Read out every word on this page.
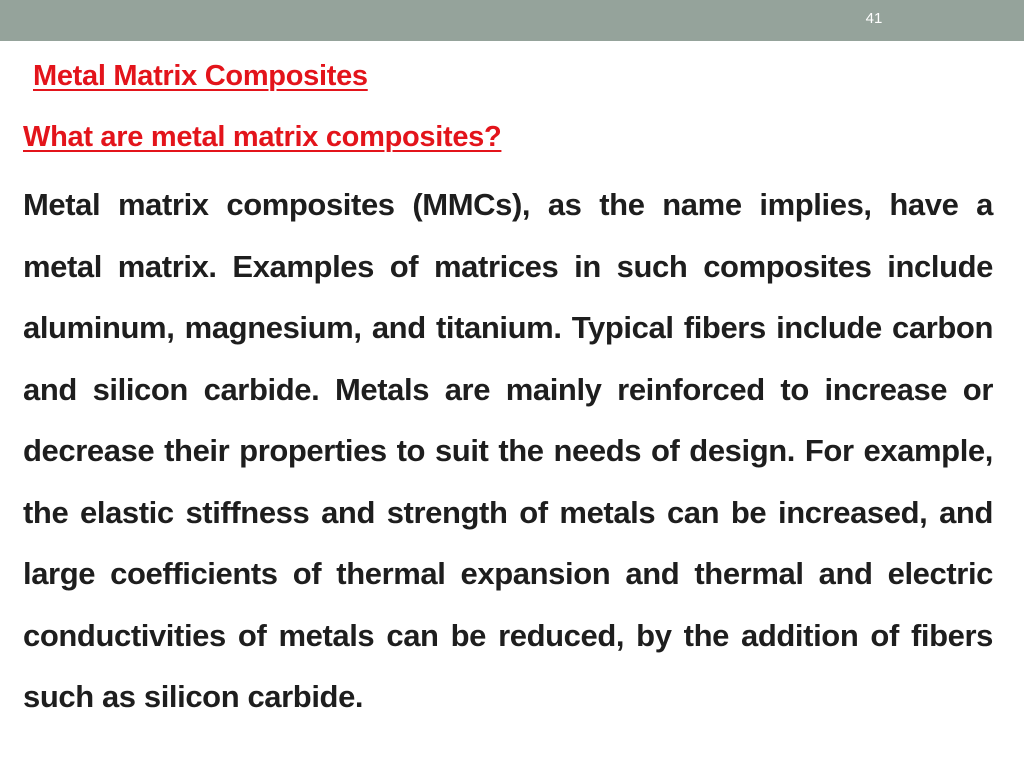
41
Metal Matrix Composites
What are metal matrix composites?

Metal matrix composites (MMCs), as the name implies, have a metal matrix. Examples of matrices in such composites include aluminum, magnesium, and titanium. Typical fibers include carbon and silicon carbide. Metals are mainly reinforced to increase or decrease their properties to suit the needs of design. For example, the elastic stiffness and strength of metals can be increased, and large coefficients of thermal expansion and thermal and electric conductivities of metals can be reduced, by the addition of fibers such as silicon carbide.
